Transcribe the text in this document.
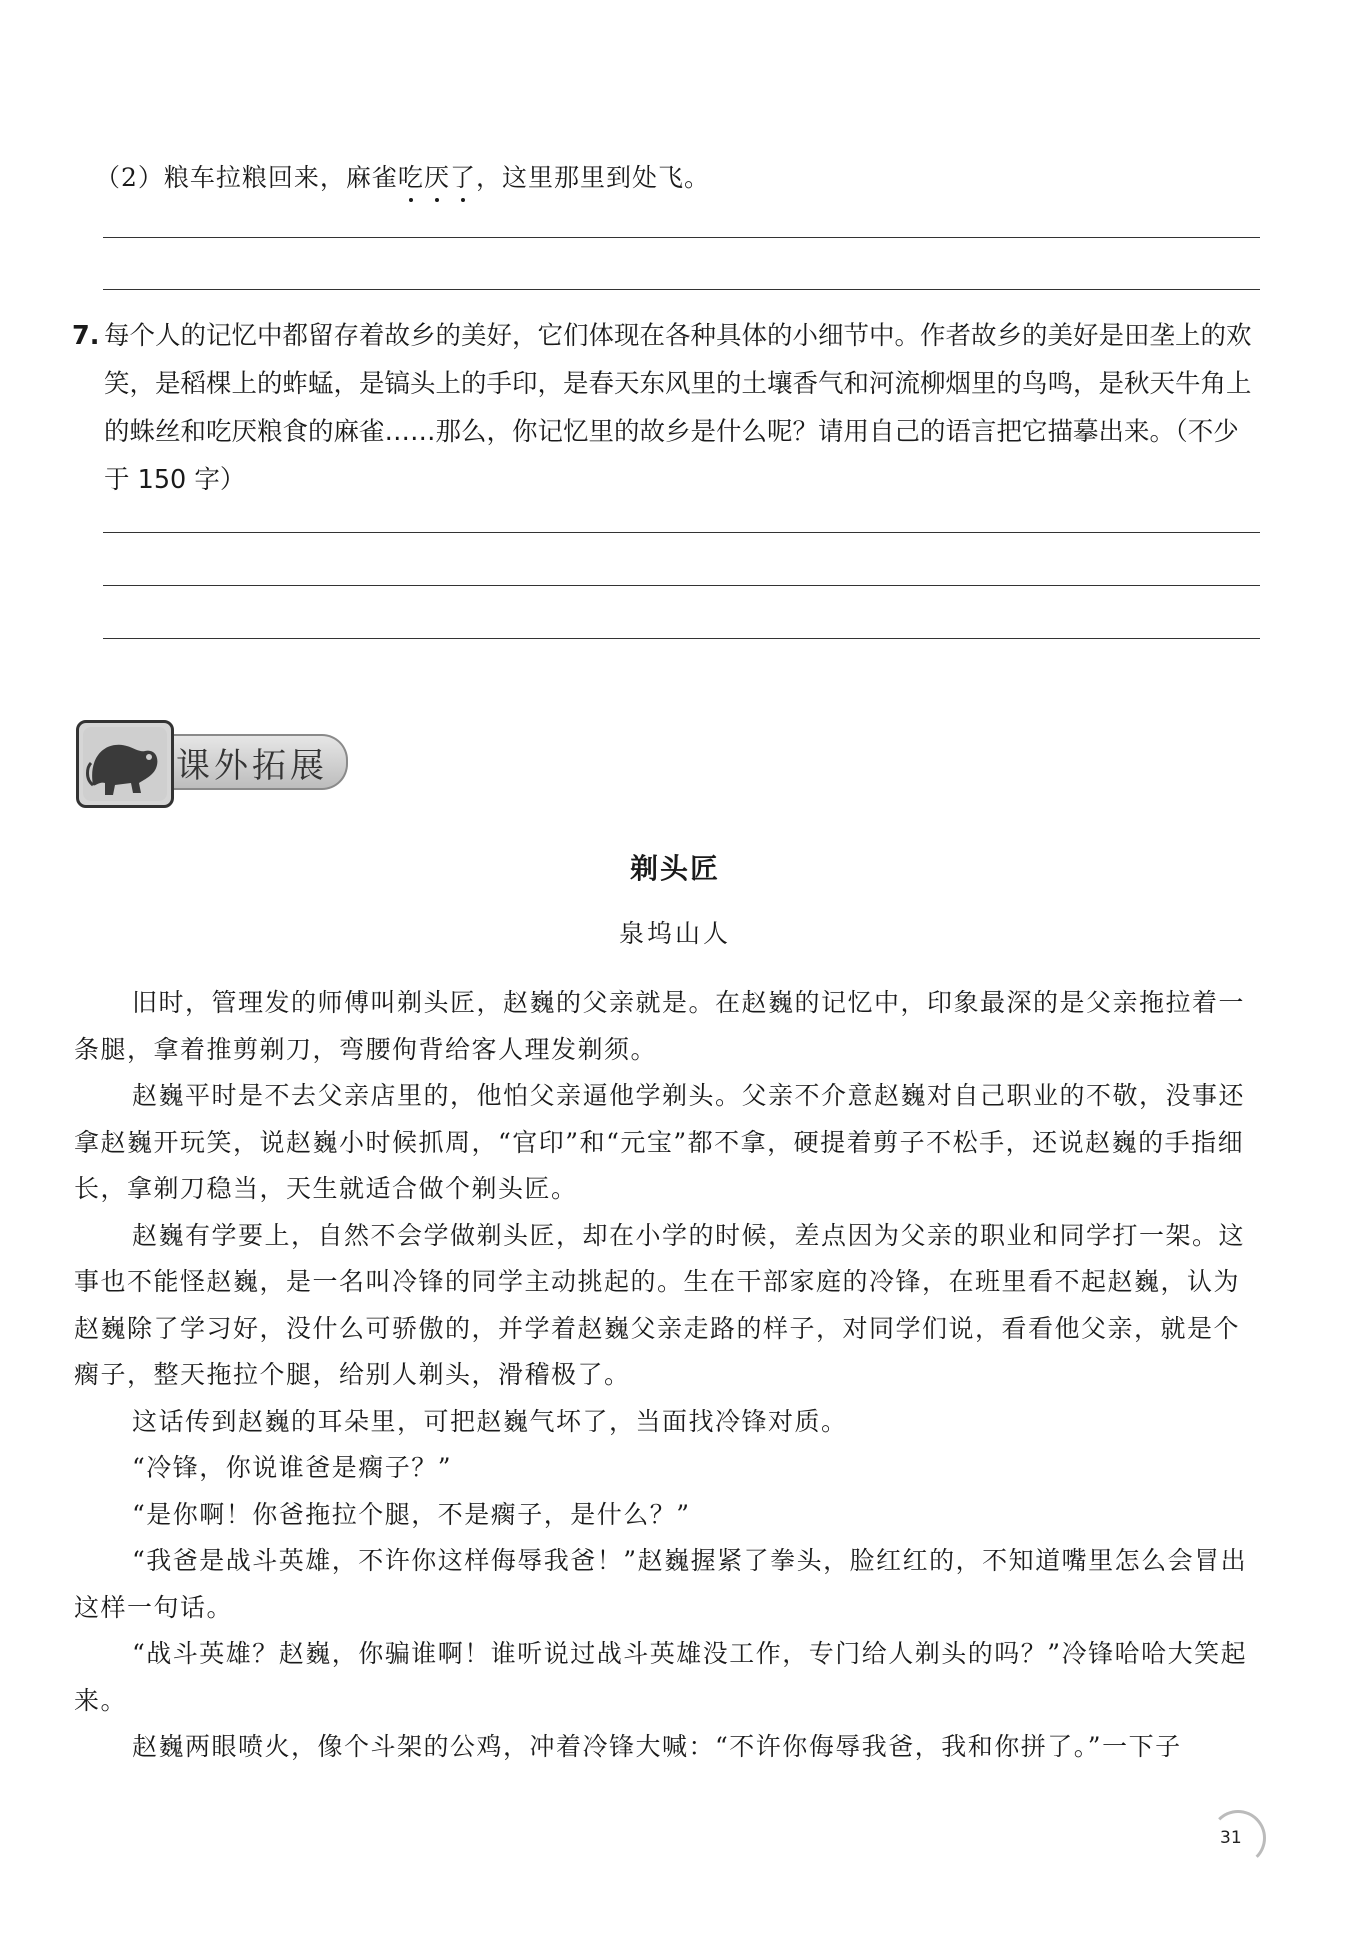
（2）粮车拉粮回来，麻雀吃
厌
了
，这里那里到处飞。
7. 每个人的记忆中都留存着故乡的美好，它们体现在各种具体的小细节中。作者故乡的美好是田垄上的欢笑，是稻棵上的蚱蜢，是镐头上的手印，是春天东风里的土壤香气和河流柳烟里的鸟鸣，是秋天牛角上的蛛丝和吃厌粮食的麻雀……那么，你记忆里的故乡是什么呢？请用自己的语言把它描摹出来。（不少于 150 字）
课外拓展
剃头匠
泉坞山人

旧时，管理发的师傅叫剃头匠，赵巍的父亲就是。在赵巍的记忆中，印象最深的是父亲拖拉着一条腿，拿着推剪剃刀，弯腰佝背给客人理发剃须。

赵巍平时是不去父亲店里的，他怕父亲逼他学剃头。父亲不介意赵巍对自己职业的不敬，没事还拿赵巍开玩笑，说赵巍小时候抓周，“官印”和“元宝”都不拿，硬提着剪子不松手，还说赵巍的手指细长，拿剃刀稳当，天生就适合做个剃头匠。

赵巍有学要上，自然不会学做剃头匠，却在小学的时候，差点因为父亲的职业和同学打一架。这事也不能怪赵巍，是一名叫冷锋的同学主动挑起的。生在干部家庭的冷锋，在班里看不起赵巍，认为赵巍除了学习好，没什么可骄傲的，并学着赵巍父亲走路的样子，对同学们说，看看他父亲，就是个瘸子，整天拖拉个腿，给别人剃头，滑稽极了。

这话传到赵巍的耳朵里，可把赵巍气坏了，当面找冷锋对质。

“冷锋，你说谁爸是瘸子？”

“是你啊！你爸拖拉个腿，不是瘸子，是什么？”

“我爸是战斗英雄，不许你这样侮辱我爸！”赵巍握紧了拳头，脸红红的，不知道嘴里怎么会冒出这样一句话。

“战斗英雄？赵巍，你骗谁啊！谁听说过战斗英雄没工作，专门给人剃头的吗？”冷锋哈哈大笑起来。

赵巍两眼喷火，像个斗架的公鸡，冲着冷锋大喊：“不许你侮辱我爸，我和你拼了。”一下子

31
